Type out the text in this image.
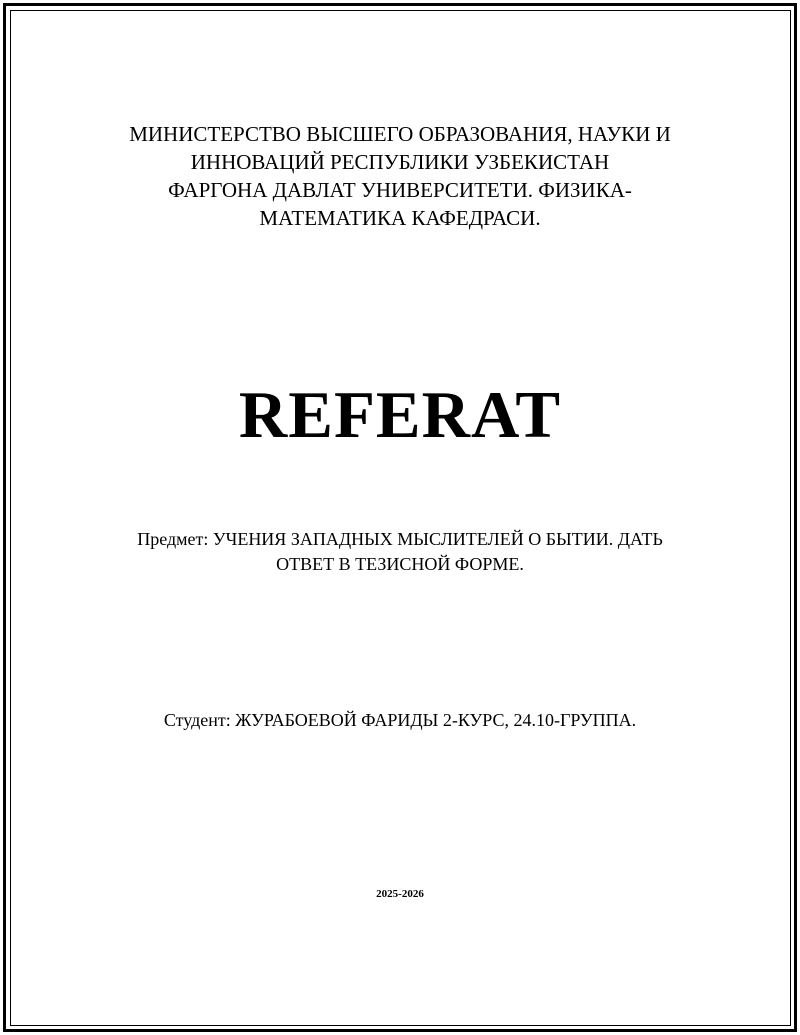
МИНИСТЕРСТВО ВЫСШЕГО ОБРАЗОВАНИЯ, НАУКИ И
ИННОВАЦИЙ РЕСПУБЛИКИ УЗБЕКИСТАН
ФАРГОНА ДАВЛАТ УНИВЕРСИТЕТИ. ФИЗИКА-
МАТЕМАТИКА КАФЕДРАСИ.
REFERAT
Предмет: УЧЕНИЯ ЗАПАДНЫХ МЫСЛИТЕЛЕЙ О БЫТИИ. ДАТЬ
ОТВЕТ В ТЕЗИСНОЙ ФОРМЕ.
Студент: ЖУРАБОЕВОЙ ФАРИДЫ 2-КУРС, 24.10-ГРУППА.
2025-2026
